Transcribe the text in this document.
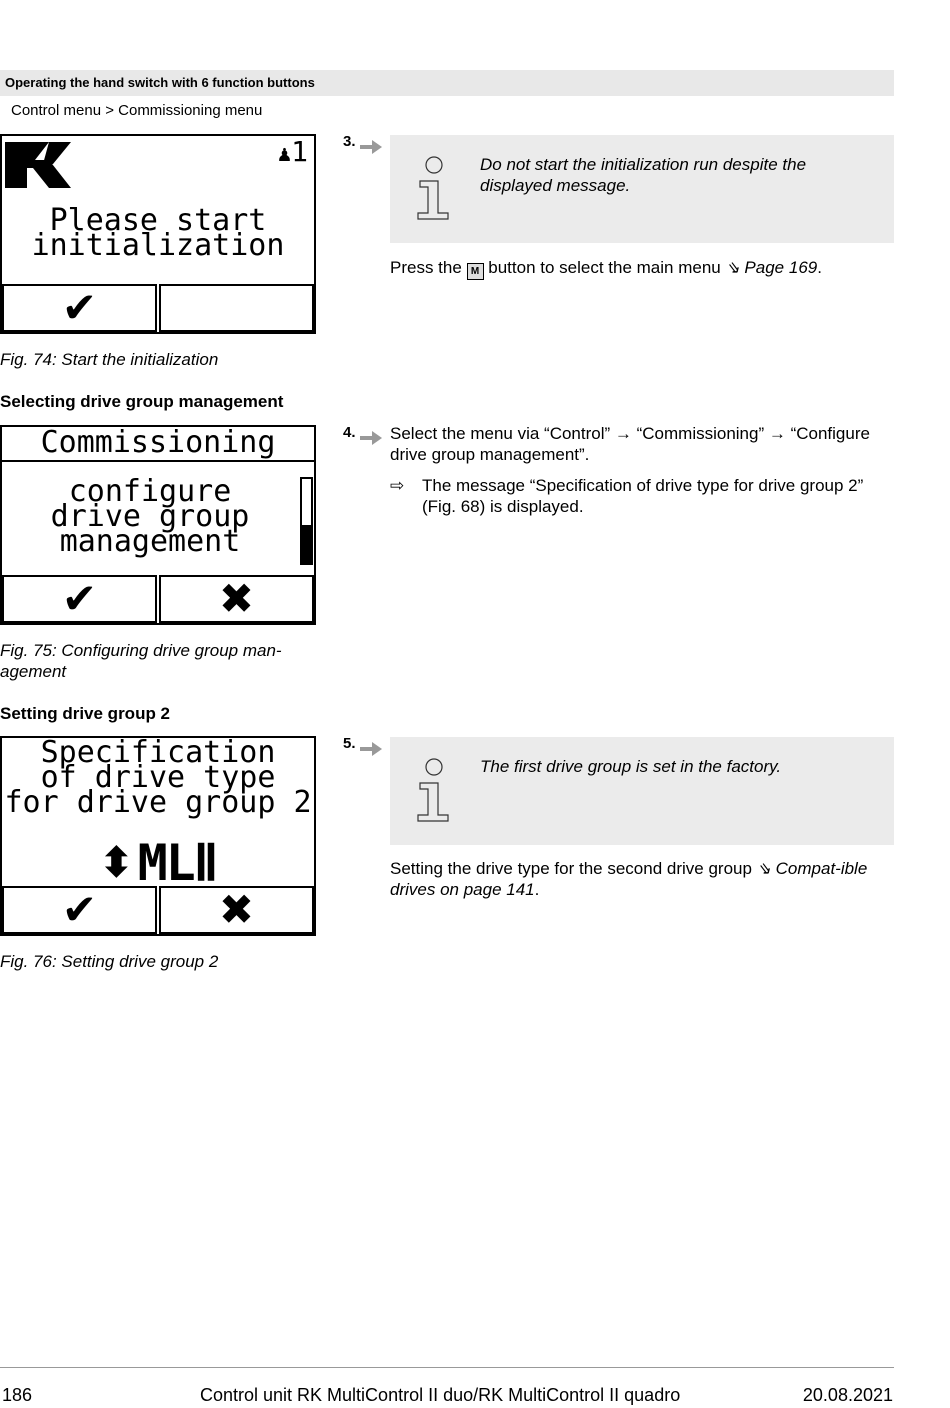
Operating the hand switch with 6 function buttons
Control menu > Commissioning menu
♟1
Please start
initialization
✔
Fig. 74: Start the initialization
Selecting drive group management
Commissioning
configure
drive group
management
✔	✖
Fig. 75: Configuring drive group man-
agement
Setting drive group 2
Specification
of drive type
for drive group 2
⬍ MLⅡ
✔	✖
Fig. 76: Setting drive group 2
3.
Do not start the initialization run despite the displayed message.
Press the M button to select the main menu ⇘ Page 169.
4. Select the menu via “Control” → “Commissioning” → “Configure drive group management”.
⇨	The message “Specification of drive type for drive group 2” (Fig. 68) is displayed.
5.
The first drive group is set in the factory.
Setting the drive type for the second drive group ⇘ Compat-ible drives on page 141.
186	Control unit RK MultiControl II duo/RK MultiControl II quadro	20.08.2021
